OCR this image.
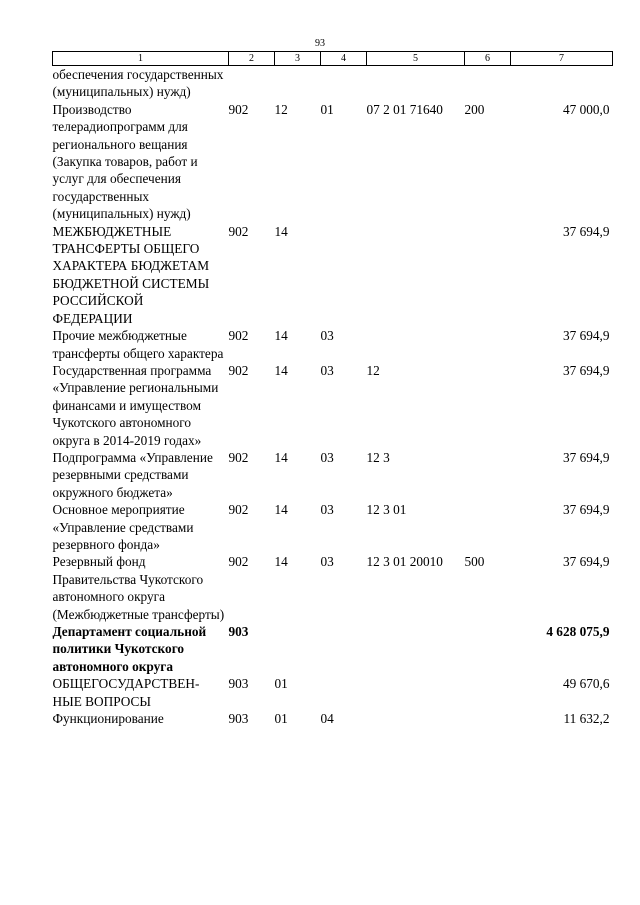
93
1	2	3	4	5	6	7
обеспечения государственных (муниципальных) нужд)						
Производство телерадиопрограмм для регионального вещания (Закупка товаров, работ и услуг для обеспечения государственных (муниципальных) нужд)	902	12	01	07 2 01 71640	200	47 000,0
МЕЖБЮДЖЕТНЫЕ ТРАНСФЕРТЫ ОБЩЕГО ХАРАКТЕРА БЮДЖЕТАМ БЮДЖЕТНОЙ СИСТЕМЫ РОССИЙСКОЙ ФЕДЕРАЦИИ	902	14				37 694,9
Прочие межбюджетные трансферты общего характера	902	14	03			37 694,9
Государственная программа «Управление региональными финансами и имуществом Чукотского автономного округа в 2014-2019 годах»	902	14	03	12		37 694,9
Подпрограмма «Управление резервными средствами окружного бюджета»	902	14	03	12 3		37 694,9
Основное мероприятие «Управление средствами резервного фонда»	902	14	03	12 3 01		37 694,9
Резервный фонд Правительства Чукотского автономного округа (Межбюджетные трансферты)	902	14	03	12 3 01 20010	500	37 694,9
Департамент социальной политики Чукотского автономного округа	903					4 628 075,9
ОБЩЕГОСУДАРСТВЕН-НЫЕ ВОПРОСЫ	903	01				49 670,6
Функционирование	903	01	04			11 632,2
